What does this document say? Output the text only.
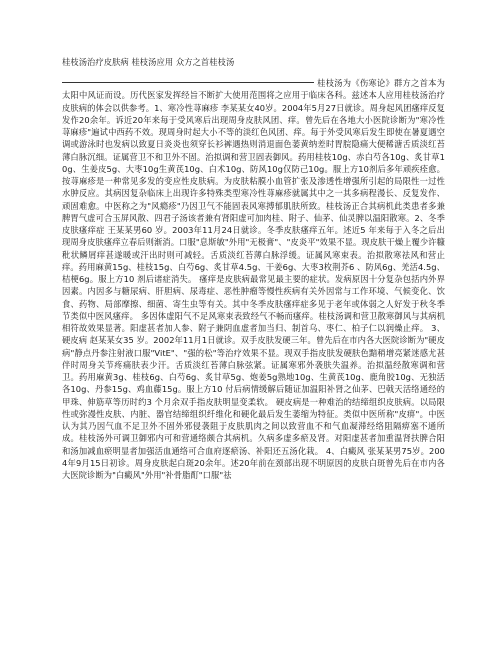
桂枝汤治疗皮肤病 桂枝汤应用 众方之首桂枝汤
桂枝汤为《伤寒论》群方之首本为太阳中风证而设。历代医家发挥经旨不断扩大使用范围将之应用于临床各科。兹述本人应用桂枝汤治疗皮肤病的体会以供参考。1、寒冷性荨麻疹 李某某女40岁。2004年5月27日就诊。周身起风团瘙痒反复发作20余年。诉近20年来每于受风寒后出现周身皮肤风团、痒。曾先后在各地大小医院诊断为"寒冷性荨麻疹"遍试中西药不效。现周身时起大小不等的淡红色风团、痒。每于外受风寒后发生即使在暑夏遇空调或游泳时也发病以致夏日炎炎也须穿长衫裤遇热则消退面色萎黄纳差时胃脘隐痛大便稀溏舌质淡红苔薄白脉沉细。证属营卫不和卫外不固。治拟调和营卫固表御风。药用桂枝10g、赤白芍各10g、炙甘草10g、生姜皮5g、大枣10g生黄芪10g、白术10g、防风10g仅防己10g。服上方10剂后多年顽疾痊愈。 按荨麻疹是一种常见多发的变应性皮肤病。为皮肤粘膜小血管扩张及渗透性增强所引起的局限性一过性水肿反应。其病因复杂临床上出现许多特殊类型寒冷性荨麻疹就属其中之一其多病程漫长、反复发作、顽固难愈。中医称之为"风瘾疹"乃因卫气不能固表风寒搏郁肌肤所致。桂枝汤正合其病机此类患者多兼脾胃气虚可合玉屏风散、四君子汤该者兼有肾阳虚可加肉桂、附子、仙茅、仙灵脾以温阳散寒。2、冬季皮肤瘙痒症 王某某男60 岁。2003年11月24日就诊。冬季皮肤瘙痒五年。述近5 年来每于入冬之后出现周身皮肤瘙痒立春后则渐消。口服"息斯敏"外用"无极膏"、"皮炎平"效果不显。现皮肤干燥上覆少许糠秕状鳞屑痒甚遂暖或汗出时则可减轻。舌质淡红苔薄白脉浮缓。证属风寒束表。治拟散寒祛风和营止痒。药用麻黄15g、桂枝15g、白芍6g、炙甘草4.5g、干姜6g、大枣3枚荆芥6 、防风6g、羌活4.5g、桔梗6g。服上方10 剂后诸症消失。 瘙痒是皮肤病最常见最主要的症状。发病原因十分复杂包括内外界因素。内因多与糖尿病、肝胆病、尿毒症、恶性肿瘤等慢性疾病有关外因常与工作环境、气候变化、饮食、药物、局部摩擦、细菌、寄生虫等有关。其中冬季皮肤瘙痒症多见于老年或体弱之人好发于秋冬季节类似中医风瘙痒。 多因体虚阳气不足风寒束表致经气不畅而瘙痒。桂枝汤调和营卫散寒御风与其病机相符故效果显著。阳虚甚者加人参、附子兼阴血虚者加当归、制首乌、枣仁、柏子仁以润燥止痒。 3、硬皮病 赵某某女35 岁。2002年11月1日就诊。双手皮肤发硬三年。曾先后在市内各大医院诊断为"硬皮病"静点丹参注射液口服"VitE"、"强的松"等治疗效果不显。现双手指皮肤发硬肤色黯稍增亮紧迷感尤甚伴时周身关节疼痛肤表少汗。舌质淡红苔薄白脉弦紧。证属寒邪外袭肤失温养。治拟温经散寒调和营卫。药用麻黄3g、桂枝6g、白芍6g、炙甘草5g、炮姜5g熟地10g、生黄芪10g、鹿角胶10g、无独活各10g、丹参15g、鸡血藤15g。服上方10 付后病情缓解后随证加温阳补肾之仙茅、巴戟天活络通经的甲珠、伸筋草等历时约3 个月余双手指皮肤明显变柔软。 硬皮病是一种难治的结缔组织皮肤病。以局限性或弥漫性皮肤、内脏、器官结缔组织纤维化和硬化最后发生萎缩为特征。类似中医所称"皮痹"。中医认为其乃因气血不足卫外不固外邪侵袭阻于皮肤肌肉之间以致营血不和气血凝滞经络阻隔痹塞不通所成。桂枝汤外可调卫御邪内可和营通络颇合其病机。久病多虚多瘀及肾。对阳虚甚者加重温肾扶脾合阳和汤加减血瘀明显者加强活血通络可合血府逐瘀汤、补阳还五汤化栽。 4、白癜风 张某某男75岁。2004年9月15日初诊。周身皮肤起白斑20余年。述20年前在颈部出现不明原因的皮肤白斑曾先后在市内各大医院诊断为"白癜风"外用"补骨脂酊"口服"祛
